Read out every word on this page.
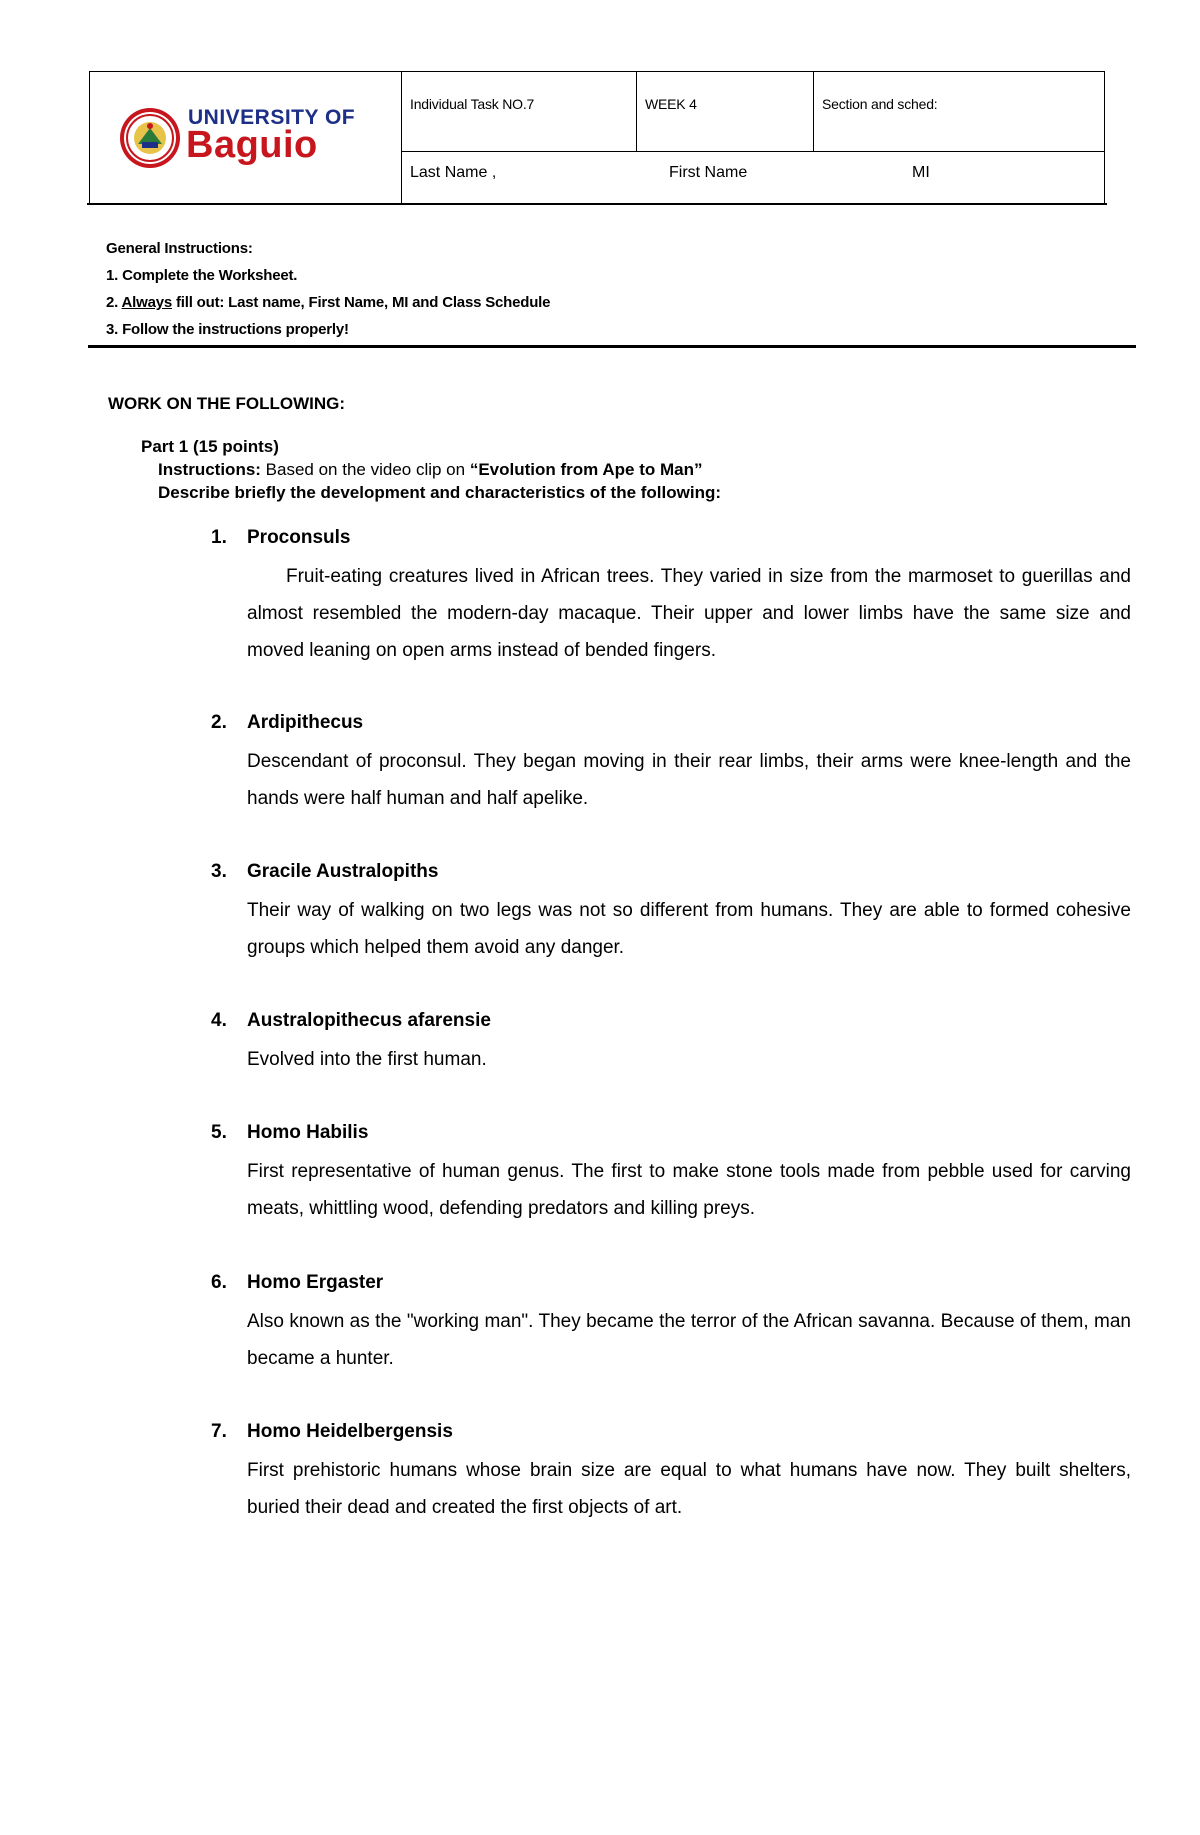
UNIVERSITY OF
Baguio
Individual Task NO.7	WEEK 4	Section and sched:
Last Name ,	First Name	MI
General Instructions:
1. Complete the Worksheet.
2. Always fill out: Last name, First Name, MI and Class Schedule
3. Follow the instructions properly!
WORK ON THE FOLLOWING:
Part 1 (15 points)
Instructions: Based on the video clip on “Evolution from Ape to Man”
Describe briefly the development and characteristics of the following:
1. Proconsuls
Fruit-eating creatures lived in African trees. They varied in size from the marmoset to guerillas and almost resembled the modern-day macaque. Their upper and lower limbs have the same size and moved leaning on open arms instead of bended fingers.
2. Ardipithecus
Descendant of proconsul. They began moving in their rear limbs, their arms were knee-length and the hands were half human and half apelike.
3. Gracile Australopiths
Their way of walking on two legs was not so different from humans. They are able to formed cohesive groups which helped them avoid any danger.
4. Australopithecus afarensie
Evolved into the first human.
5. Homo Habilis
First representative of human genus. The first to make stone tools made from pebble used for carving meats, whittling wood, defending predators and killing preys.
6. Homo Ergaster
Also known as the "working man". They became the terror of the African savanna. Because of them, man became a hunter.
7. Homo Heidelbergensis
First prehistoric humans whose brain size are equal to what humans have now. They built shelters, buried their dead and created the first objects of art.
